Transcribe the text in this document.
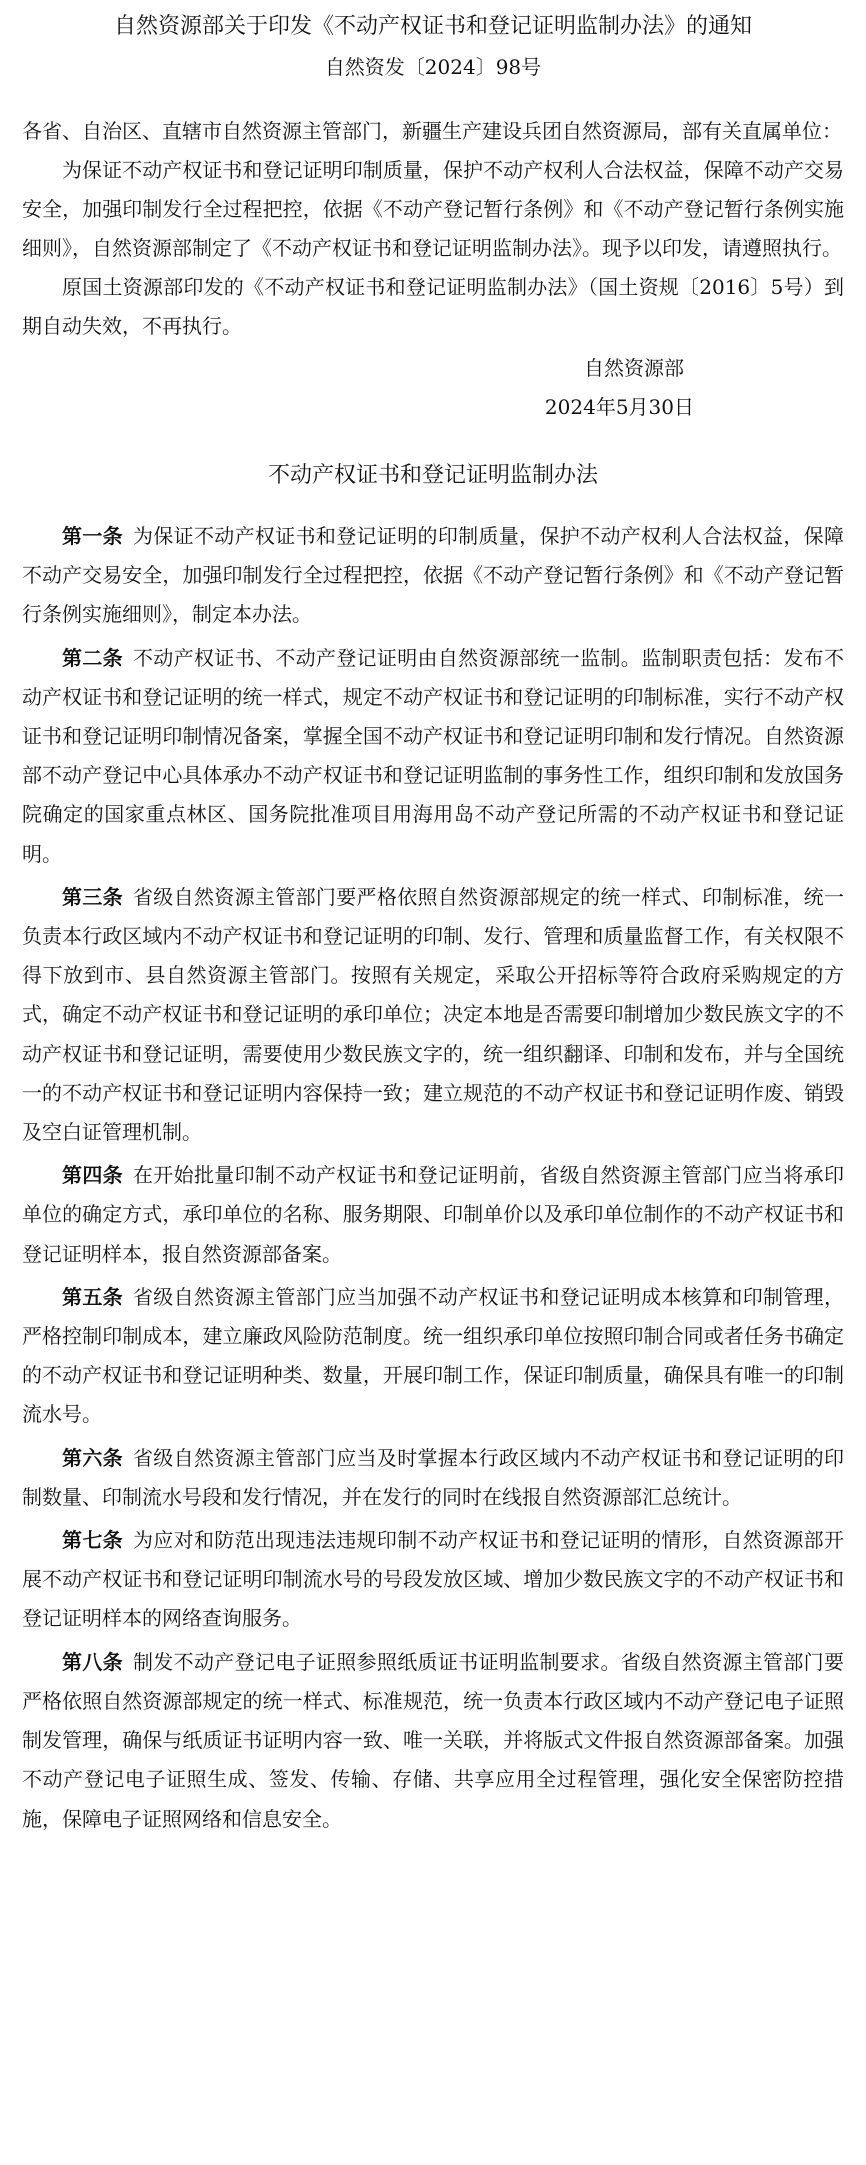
自然资源部关于印发《不动产权证书和登记证明监制办法》的通知
自然资发〔2024〕98号

各省、自治区、直辖市自然资源主管部门，新疆生产建设兵团自然资源局，部有关直属单位：

为保证不动产权证书和登记证明印制质量，保护不动产权利人合法权益，保障不动产交易安全，加强印制发行全过程把控，依据《不动产登记暂行条例》和《不动产登记暂行条例实施细则》，自然资源部制定了《不动产权证书和登记证明监制办法》。现予以印发，请遵照执行。

原国土资源部印发的《不动产权证书和登记证明监制办法》（国土资规〔2016〕5号）到期自动失效，不再执行。

自然资源部
2024年5月30日
不动产权证书和登记证明监制办法

第一条 为保证不动产权证书和登记证明的印制质量，保护不动产权利人合法权益，保障不动产交易安全，加强印制发行全过程把控，依据《不动产登记暂行条例》和《不动产登记暂行条例实施细则》，制定本办法。

第二条 不动产权证书、不动产登记证明由自然资源部统一监制。监制职责包括：发布不动产权证书和登记证明的统一样式，规定不动产权证书和登记证明的印制标准，实行不动产权证书和登记证明印制情况备案，掌握全国不动产权证书和登记证明印制和发行情况。自然资源部不动产登记中心具体承办不动产权证书和登记证明监制的事务性工作，组织印制和发放国务院确定的国家重点林区、国务院批准项目用海用岛不动产登记所需的不动产权证书和登记证明。

第三条 省级自然资源主管部门要严格依照自然资源部规定的统一样式、印制标准，统一负责本行政区域内不动产权证书和登记证明的印制、发行、管理和质量监督工作，有关权限不得下放到市、县自然资源主管部门。按照有关规定，采取公开招标等符合政府采购规定的方式，确定不动产权证书和登记证明的承印单位；决定本地是否需要印制增加少数民族文字的不动产权证书和登记证明，需要使用少数民族文字的，统一组织翻译、印制和发布，并与全国统一的不动产权证书和登记证明内容保持一致；建立规范的不动产权证书和登记证明作废、销毁及空白证管理机制。

第四条 在开始批量印制不动产权证书和登记证明前，省级自然资源主管部门应当将承印单位的确定方式，承印单位的名称、服务期限、印制单价以及承印单位制作的不动产权证书和登记证明样本，报自然资源部备案。

第五条 省级自然资源主管部门应当加强不动产权证书和登记证明成本核算和印制管理，严格控制印制成本，建立廉政风险防范制度。统一组织承印单位按照印制合同或者任务书确定的不动产权证书和登记证明种类、数量，开展印制工作，保证印制质量，确保具有唯一的印制流水号。

第六条 省级自然资源主管部门应当及时掌握本行政区域内不动产权证书和登记证明的印制数量、印制流水号段和发行情况，并在发行的同时在线报自然资源部汇总统计。

第七条 为应对和防范出现违法违规印制不动产权证书和登记证明的情形，自然资源部开展不动产权证书和登记证明印制流水号的号段发放区域、增加少数民族文字的不动产权证书和登记证明样本的网络查询服务。

第八条 制发不动产登记电子证照参照纸质证书证明监制要求。省级自然资源主管部门要严格依照自然资源部规定的统一样式、标准规范，统一负责本行政区域内不动产登记电子证照制发管理，确保与纸质证书证明内容一致、唯一关联，并将版式文件报自然资源部备案。加强不动产登记电子证照生成、签发、传输、存储、共享应用全过程管理，强化安全保密防控措施，保障电子证照网络和信息安全。
